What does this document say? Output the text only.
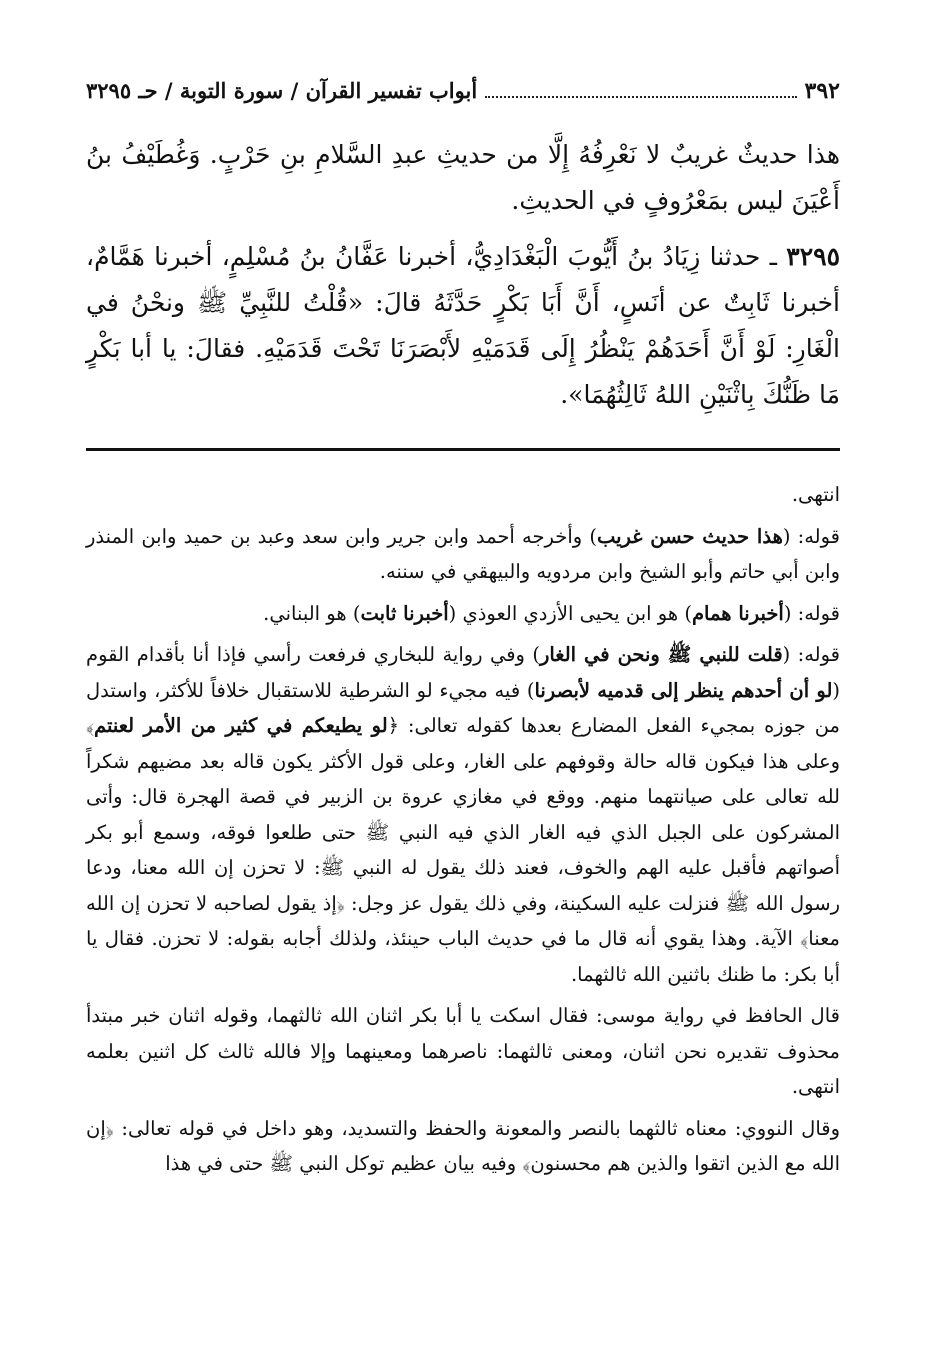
٣٩٢
أبواب تفسير القرآن / سورة التوبة / حـ ٣٢٩٥

هذا حديثٌ غريبٌ لا نَعْرِفُهُ إِلَّا من حديثِ عبدِ السَّلامِ بنِ حَرْبٍ. وَغُطَيْفُ بنُ أَعْيَنَ ليس بمَعْرُوفٍ في الحديثِ.

٣٢٩٥ ـ حدثنا زِيَادُ بنُ أَيُّوبَ الْبَغْدَادِيُّ، أخبرنا عَفَّانُ بنُ مُسْلِمٍ، أخبرنا هَمَّامٌ، أخبرنا ثَابِتٌ عن أنَسٍ، أَنَّ أَبَا بَكْرٍ حَدَّثَهُ قالَ: «قُلْتُ للنَّبِيِّ ﷺ ونحْنُ في الْغَارِ: لَوْ أَنَّ أَحَدَهُمْ يَنْظُرُ إِلَى قَدَمَيْهِ لأَبْصَرَنَا تَحْتَ قَدَمَيْهِ. فقالَ: يا أبا بَكْرٍ مَا ظَنُّكَ بِاثْنَيْنِ اللهُ ثَالِثُهُمَا».

انتهى.

قوله: (هذا حديث حسن غريب) وأخرجه أحمد وابن جرير وابن سعد وعبد بن حميد وابن المنذر وابن أبي حاتم وأبو الشيخ وابن مردويه والبيهقي في سننه.

قوله: (أخبرنا همام) هو ابن يحيى الأزدي العوذي (أخبرنا ثابت) هو البناني.

قوله: (قلت للنبي ﷺ ونحن في الغار) وفي رواية للبخاري فرفعت رأسي فإذا أنا بأقدام القوم (لو أن أحدهم ينظر إلى قدميه لأبصرنا) فيه مجيء لو الشرطية للاستقبال خلافاً للأكثر، واستدل من جوزه بمجيء الفعل المضارع بعدها كقوله تعالى: ﴿لو يطيعكم في كثير من الأمر لعنتم﴾ وعلى هذا فيكون قاله حالة وقوفهم على الغار، وعلى قول الأكثر يكون قاله بعد مضيهم شكراً لله تعالى على صيانتهما منهم. ووقع في مغازي عروة بن الزبير في قصة الهجرة قال: وأتى المشركون على الجبل الذي فيه الغار الذي فيه النبي ﷺ حتى طلعوا فوقه، وسمع أبو بكر أصواتهم فأقبل عليه الهم والخوف، فعند ذلك يقول له النبي ﷺ: لا تحزن إن الله معنا، ودعا رسول الله ﷺ فنزلت عليه السكينة، وفي ذلك يقول عز وجل: ﴿إذ يقول لصاحبه لا تحزن إن الله معنا﴾ الآية. وهذا يقوي أنه قال ما في حديث الباب حينئذ، ولذلك أجابه بقوله: لا تحزن. فقال يا أبا بكر: ما ظنك باثنين الله ثالثهما.

قال الحافظ في رواية موسى: فقال اسكت يا أبا بكر اثنان الله ثالثهما، وقوله اثنان خبر مبتدأ محذوف تقديره نحن اثنان، ومعنى ثالثهما: ناصرهما ومعينهما وإلا فالله ثالث كل اثنين بعلمه انتهى.

وقال النووي: معناه ثالثهما بالنصر والمعونة والحفظ والتسديد، وهو داخل في قوله تعالى: ﴿إن الله مع الذين اتقوا والذين هم محسنون﴾ وفيه بيان عظيم توكل النبي ﷺ حتى في هذا
